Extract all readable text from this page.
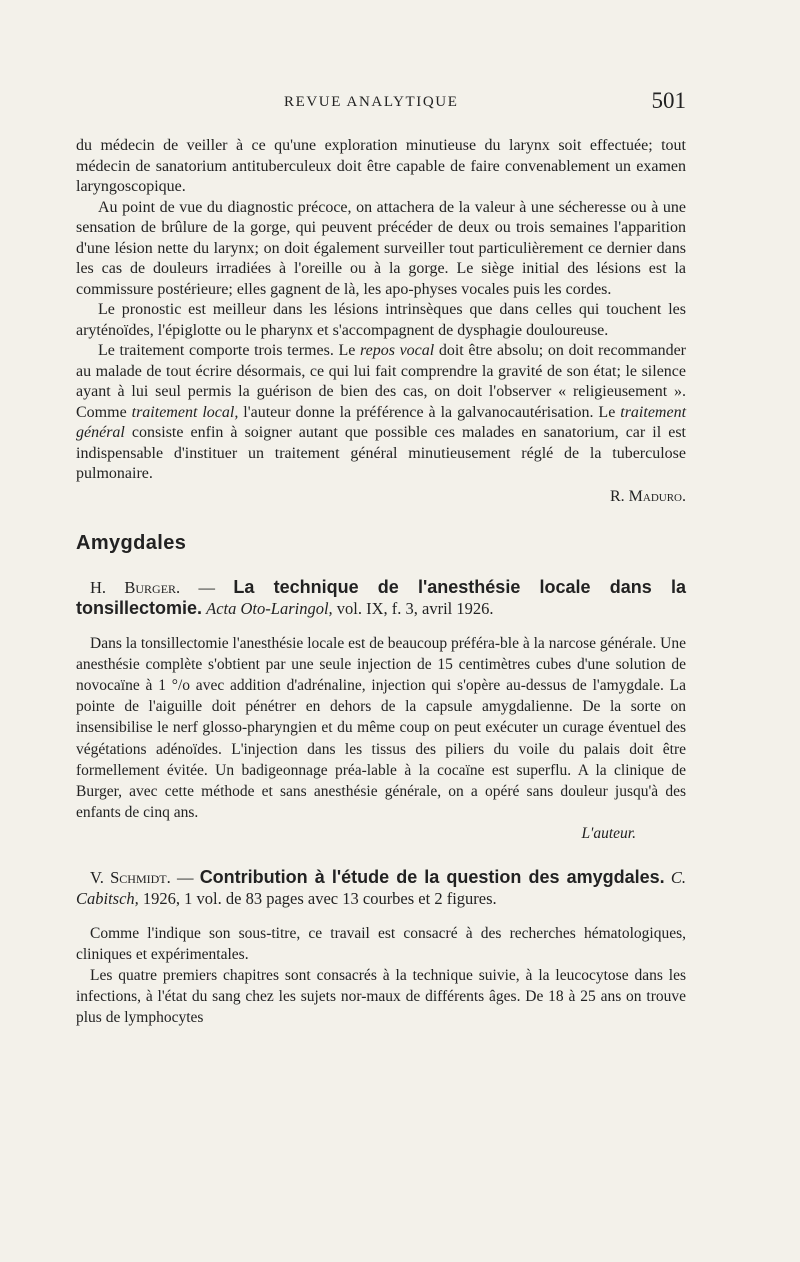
REVUE ANALYTIQUE	501

du médecin de veiller à ce qu'une exploration minutieuse du larynx soit effectuée; tout médecin de sanatorium antituberculeux doit être capable de faire convenablement un examen laryngoscopique.

Au point de vue du diagnostic précoce, on attachera de la valeur à une sécheresse ou à une sensation de brûlure de la gorge, qui peuvent précéder de deux ou trois semaines l'apparition d'une lésion nette du larynx; on doit également surveiller tout particulièrement ce dernier dans les cas de douleurs irradiées à l'oreille ou à la gorge. Le siège initial des lésions est la commissure postérieure; elles gagnent de là, les apo-physes vocales puis les cordes.

Le pronostic est meilleur dans les lésions intrinsèques que dans celles qui touchent les aryténoïdes, l'épiglotte ou le pharynx et s'accompagnent de dysphagie douloureuse.

Le traitement comporte trois termes. Le repos vocal doit être absolu; on doit recommander au malade de tout écrire désormais, ce qui lui fait comprendre la gravité de son état; le silence ayant à lui seul permis la guérison de bien des cas, on doit l'observer « religieusement ». Comme traitement local, l'auteur donne la préférence à la galvanocautérisation. Le traitement général consiste enfin à soigner autant que possible ces malades en sanatorium, car il est indispensable d'instituer un traitement général minutieusement réglé de la tuberculose pulmonaire.

R. Maduro.
Amygdales

H. Burger. — La technique de l'anesthésie locale dans la tonsillectomie. Acta Oto-Laringol, vol. IX, f. 3, avril 1926.

Dans la tonsillectomie l'anesthésie locale est de beaucoup préféra-ble à la narcose générale. Une anesthésie complète s'obtient par une seule injection de 15 centimètres cubes d'une solution de novocaïne à 1 °/o avec addition d'adrénaline, injection qui s'opère au-dessus de l'amygdale. La pointe de l'aiguille doit pénétrer en dehors de la capsule amygdalienne. De la sorte on insensibilise le nerf glosso-pharyngien et du même coup on peut exécuter un curage éventuel des végétations adénoïdes. L'injection dans les tissus des piliers du voile du palais doit être formellement évitée. Un badigeonnage préa-lable à la cocaïne est superflu. A la clinique de Burger, avec cette méthode et sans anesthésie générale, on a opéré sans douleur jusqu'à des enfants de cinq ans.
L'auteur.

V. Schmidt. — Contribution à l'étude de la question des amygdales. C. Cabitsch, 1926, 1 vol. de 83 pages avec 13 courbes et 2 figures.

Comme l'indique son sous-titre, ce travail est consacré à des recherches hématologiques, cliniques et expérimentales.

Les quatre premiers chapitres sont consacrés à la technique suivie, à la leucocytose dans les infections, à l'état du sang chez les sujets nor-maux de différents âges. De 18 à 25 ans on trouve plus de lymphocytes
